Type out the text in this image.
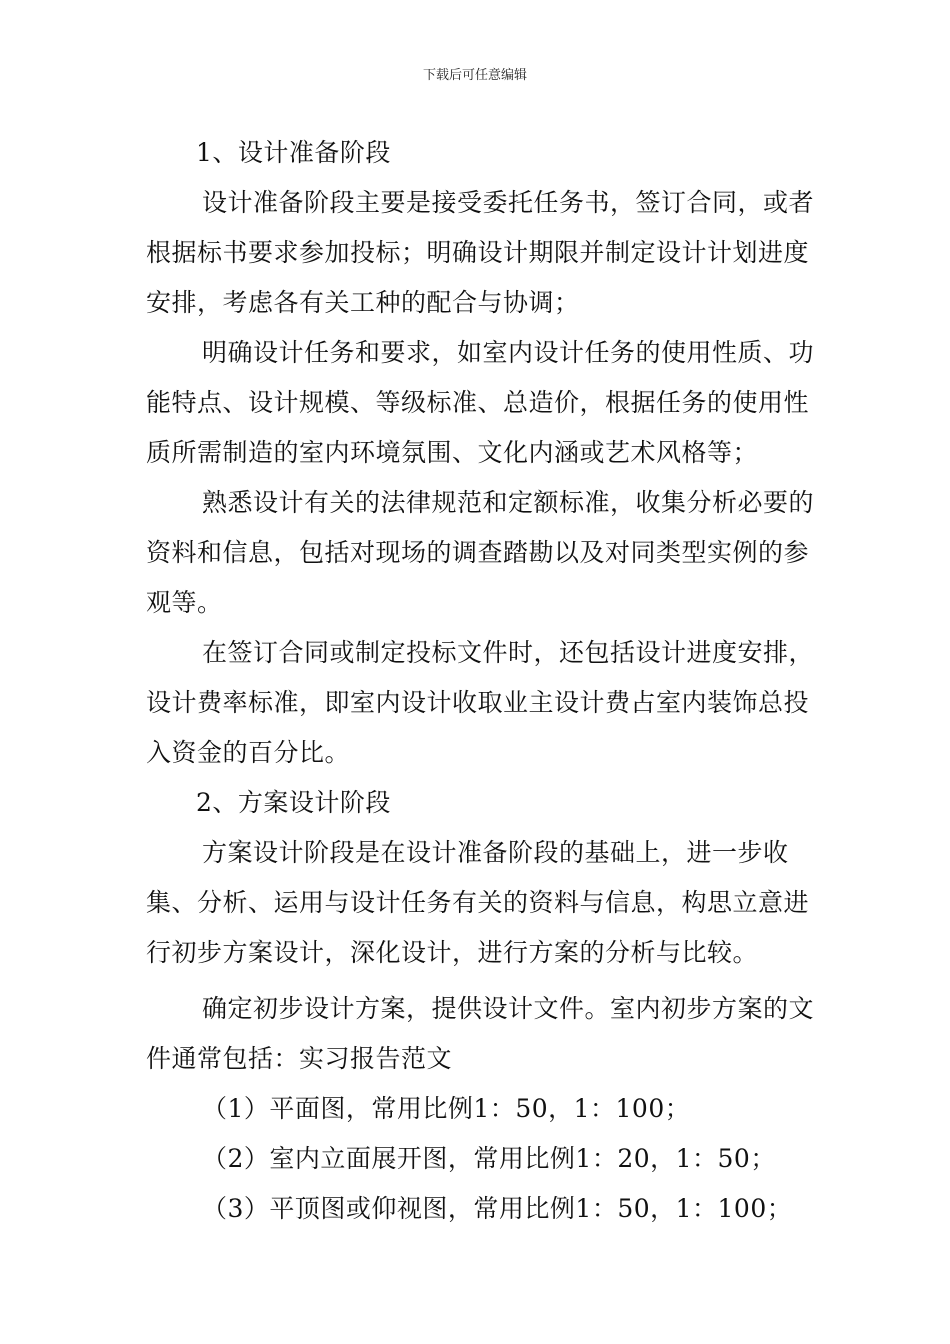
下载后可任意编辑

1、设计准备阶段

设计准备阶段主要是接受委托任务书，签订合同，或者根据标书要求参加投标；明确设计期限并制定设计计划进度安排，考虑各有关工种的配合与协调；

明确设计任务和要求，如室内设计任务的使用性质、功能特点、设计规模、等级标准、总造价，根据任务的使用性质所需制造的室内环境氛围、文化内涵或艺术风格等；

熟悉设计有关的法律规范和定额标准，收集分析必要的资料和信息，包括对现场的调查踏勘以及对同类型实例的参观等。

在签订合同或制定投标文件时，还包括设计进度安排，设计费率标准，即室内设计收取业主设计费占室内装饰总投入资金的百分比。

2、方案设计阶段

方案设计阶段是在设计准备阶段的基础上，进一步收集、分析、运用与设计任务有关的资料与信息，构思立意进行初步方案设计，深化设计，进行方案的分析与比较。

确定初步设计方案，提供设计文件。室内初步方案的文件通常包括：实习报告范文

（1）平面图，常用比例1：50，1：100；

（2）室内立面展开图，常用比例1：20，1：50；

（3）平顶图或仰视图，常用比例1：50，1：100；
